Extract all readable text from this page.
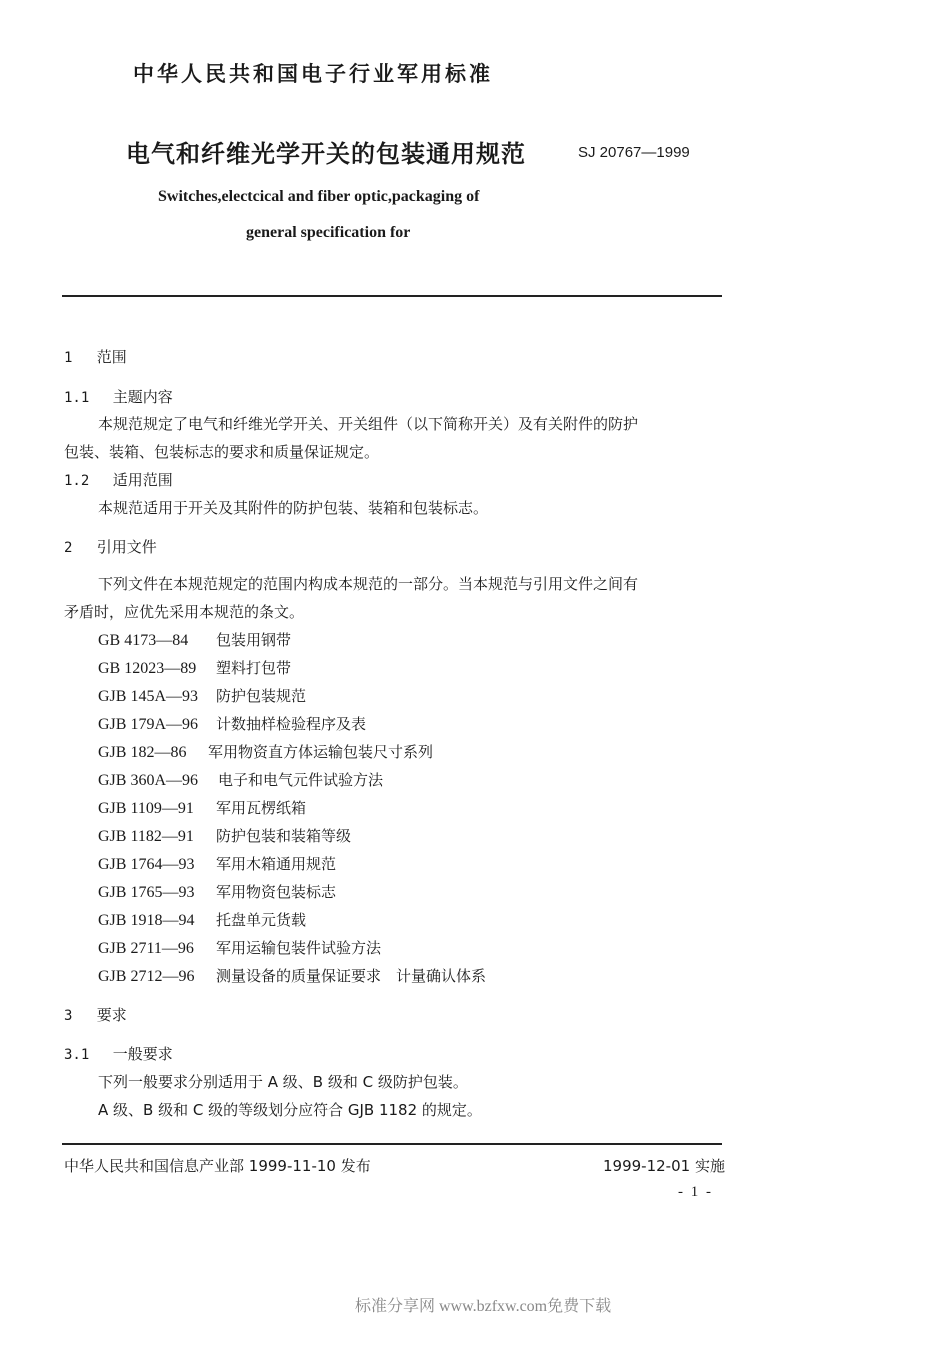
中华人民共和国电子行业军用标准
电气和纤维光学开关的包装通用规范	SJ 20767—1999
Switches,electcical and fiber optic,packaging of
general specification for
1 范围
1.1 主题内容
本规范规定了电气和纤维光学开关、开关组件（以下简称开关）及有关附件的防护
包装、装箱、包装标志的要求和质量保证规定。
1.2 适用范围
本规范适用于开关及其附件的防护包装、装箱和包装标志。
2 引用文件
下列文件在本规范规定的范围内构成本规范的一部分。当本规范与引用文件之间有
矛盾时，应优先采用本规范的条文。
GB 4173—84 包装用钢带
GB 12023—89 塑料打包带
GJB 145A—93 防护包装规范
GJB 179A—96 计数抽样检验程序及表
GJB 182—86 军用物资直方体运输包装尺寸系列
GJB 360A—96 电子和电气元件试验方法
GJB 1109—91 军用瓦楞纸箱
GJB 1182—91 防护包装和装箱等级
GJB 1764—93 军用木箱通用规范
GJB 1765—93 军用物资包装标志
GJB 1918—94 托盘单元货载
GJB 2711—96 军用运输包装件试验方法
GJB 2712—96 测量设备的质量保证要求　计量确认体系
3 要求
3.1 一般要求
下列一般要求分别适用于 A 级、B 级和 C 级防护包装。
A 级、B 级和 C 级的等级划分应符合 GJB 1182 的规定。
中华人民共和国信息产业部 1999-11-10 发布	1999-12-01 实施
- 1 -
标准分享网 www.bzfxw.com免费下载
